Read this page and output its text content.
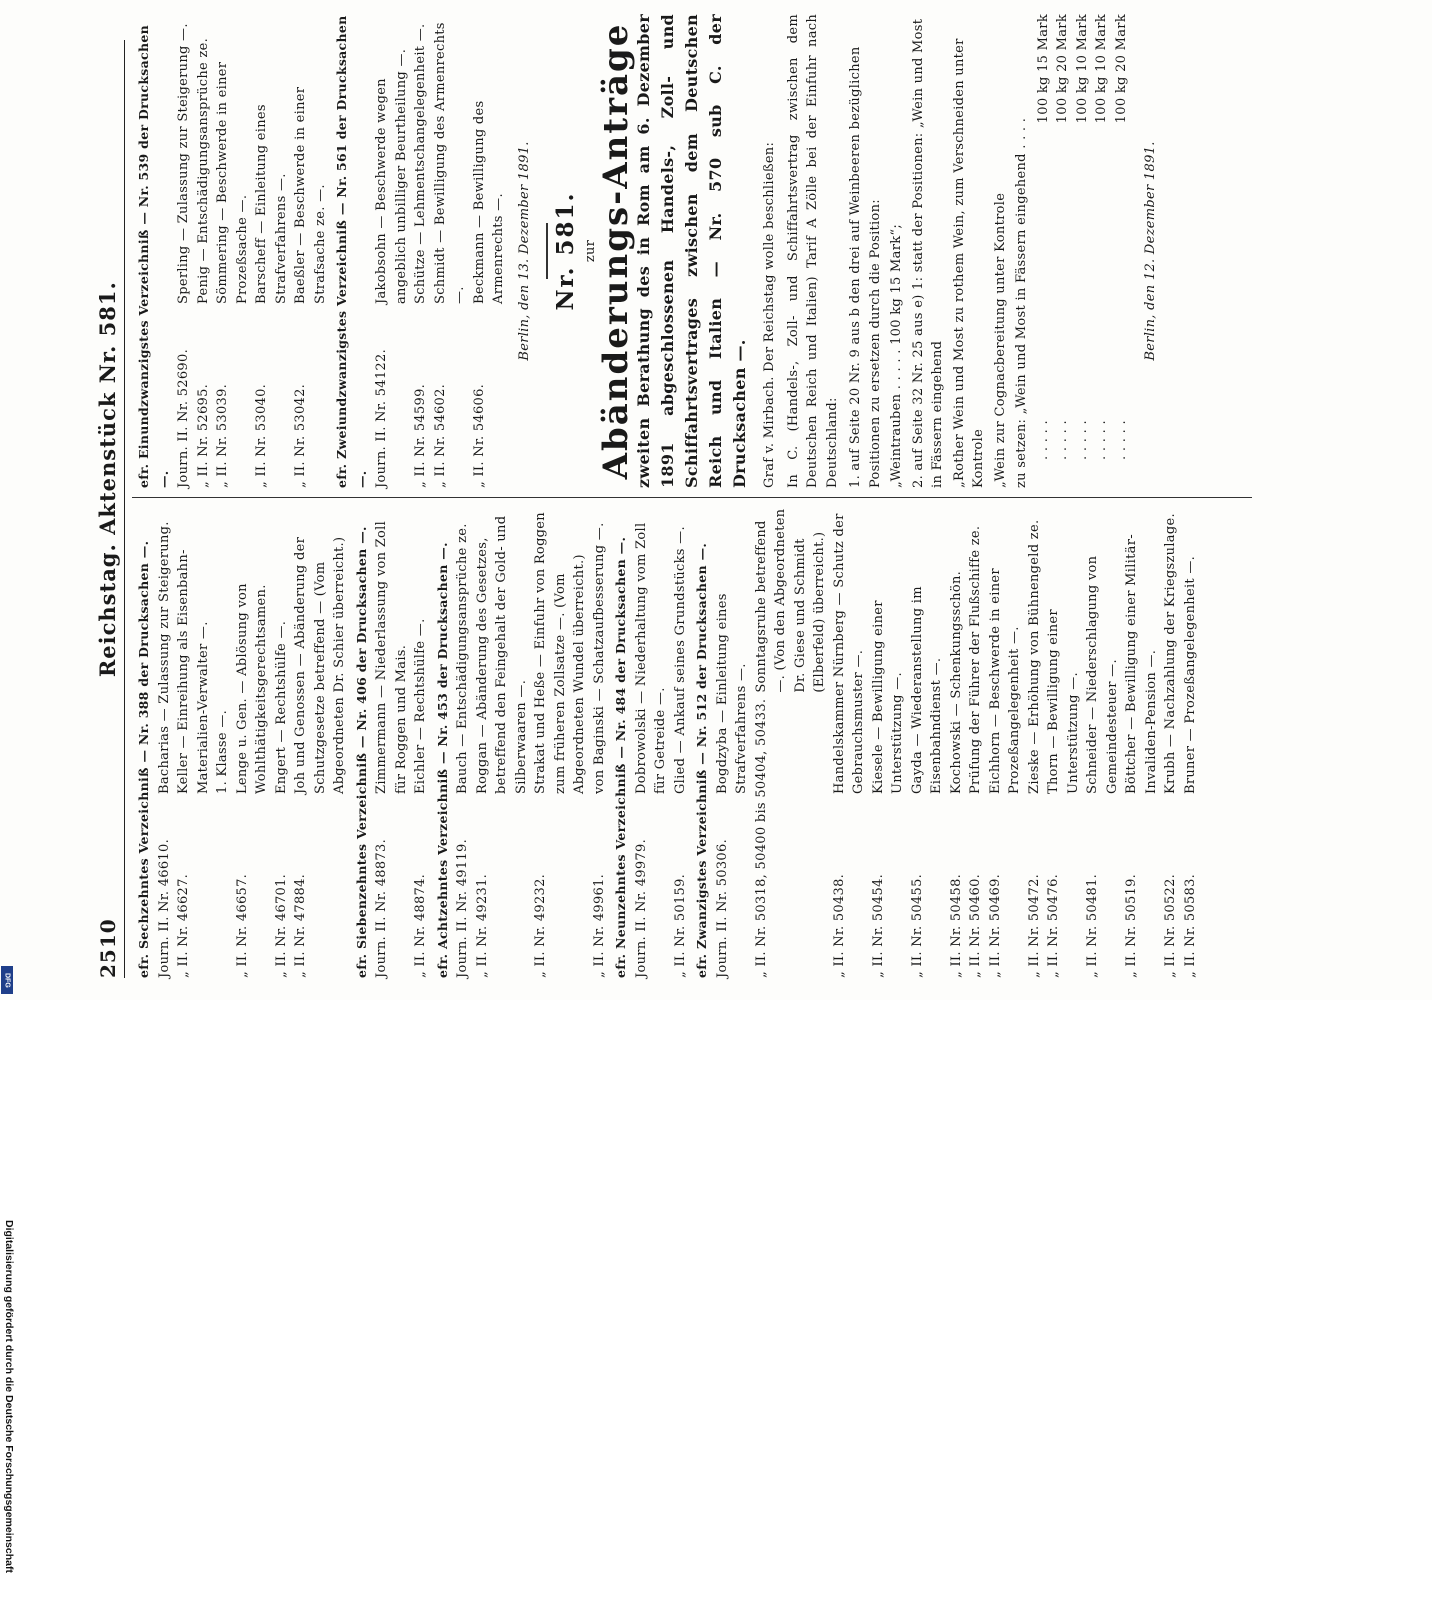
2510
Reichstag. Aktenstück Nr. 581.
efr. Sechzehntes Verzeichniß — Nr. 388 der Drucksachen —. Journ. II. Nr. 46610.
Bacharias — Zulassung zur Steigerung.
„ II. Nr. 46627.
Keller — Einreihung als Eisenbahn-Materialien-Verwalter —. 1. Klasse —.
„ II. Nr. 46657.
Lenge u. Gen. — Ablösung von Wohlthätigkeitsgerechtsamen.
„ II. Nr. 46701.
Engert — Rechtshülfe —.
„ II. Nr. 47884.
Joh und Genossen — Abänderung der Schutzgesetze betreffend — (Vom Abgeordneten Dr. Schier überreicht.) efr. Siebenzehntes Verzeichniß — Nr. 406 der Drucksachen —. Journ. II. Nr. 48873.
Zimmermann — Niederlassung von Zoll für Roggen und Mais.
„ II. Nr. 48874.
Eichler — Rechtshülfe —. efr. Achtzehntes Verzeichniß — Nr. 453 der Drucksachen —. Journ. II. Nr. 49119.
Bauch — Entschädigungsansprüche ze.
„ II. Nr. 49231.
Roggan — Abänderung des Gesetzes, betreffend den Feingehalt der Gold- und Silberwaaren —.
„ II. Nr. 49232.
Strakat und Heße — Einfuhr von Roggen zum früheren Zollsatze —. (Vom Abgeordneten Wundel überreicht.)
„ II. Nr. 49961.
von Baginski — Schatzaufbesserung —. efr. Neunzehntes Verzeichniß — Nr. 484 der Drucksachen —. Journ. II. Nr. 49979.
Dobrowolski — Niederhaltung vom Zoll für Getreide —.
„ II. Nr. 50159.
Glied — Ankauf seines Grundstücks —. efr. Zwanzigstes Verzeichniß — Nr. 512 der Drucksachen —. Journ. II. Nr. 50306.
Bogdzyba — Einleitung eines Strafverfahrens —. „ II. Nr. 50318, 50400 bis 50404, 50433.
Sonntagsruhe betreffend —. (Von den Abgeordneten Dr. Giese und Schmidt (Elberfeld) überreicht.)
„ II. Nr. 50438.
Handelskammer Nürnberg — Schutz der Gebrauchsmuster —.
„ II. Nr. 50454.
Kiesele — Bewilligung einer Unterstützung —.
„ II. Nr. 50455.
Gayda — Wiederanstellung im Eisenbahndienst —.
„ II. Nr. 50458.
Kochowski — Schenkungsschön.
„ II. Nr. 50460.
Prüfung der Führer der Flußschiffe ze.
„ II. Nr. 50469.
Eichhorn — Beschwerde in einer Prozeßangelegenheit —.
„ II. Nr. 50472.
Zieske — Erhöhung von Bühnengeld ze.
„ II. Nr. 50476.
Thorn — Bewilligung einer Unterstützung —.
„ II. Nr. 50481.
Schneider — Niederschlagung von Gemeindesteuer —.
„ II. Nr. 50519.
Böttcher — Bewilligung einer Militär-Invaliden-Pension —.
„ II. Nr. 50522.
Krubh — Nachzahlung der Kriegszulage.
„ II. Nr. 50583.
Bruner — Prozeßangelegenheit —.
efr. Einundzwanzigstes Verzeichniß — Nr. 539 der Drucksachen —. Journ. II. Nr. 52690.
Sperling — Zulassung zur Steigerung —.
„ II. Nr. 52695.
Penig — Entschädigungsansprüche ze.
„ II. Nr. 53039.
Sömmering — Beschwerde in einer Prozeßsache —.
„ II. Nr. 53040.
Barscheff — Einleitung eines Strafverfahrens —.
„ II. Nr. 53042.
Baeßler — Beschwerde in einer Strafsache ze. —. efr. Zweiundzwanzigstes Verzeichniß — Nr. 561 der Drucksachen —. Journ. II. Nr. 54122.
Jakobsohn — Beschwerde wegen angeblich unbilliger Beurtheilung —.
„ II. Nr. 54599.
Schütze — Lehmentschangelegenheit —.
„ II. Nr. 54602.
Schmidt — Bewilligung des Armenrechts —.
„ II. Nr. 54606.
Beckmann — Bewilligung des Armenrechts —. Berlin, den 13. Dezember 1891. Nr. 581. zur
Abänderungs-Anträge
zweiten Berathung des in Rom am 6. Dezember 1891 abgeschlossenen Handels-, Zoll- und Schiffahrtsvertrages zwischen dem Deutschen Reich und Italien — Nr. 570 sub C. der Drucksachen —. Graf v. Mirbach. Der Reichstag wolle beschließen: In C. (Handels-, Zoll- und Schiffahrtsvertrag zwischen dem Deutschen Reich und Italien) Tarif A Zölle bei der Einfuhr nach Deutschland: 1. auf Seite 20 Nr. 9 aus b den drei auf Weinbeeren bezüglichen Positionen zu ersetzen durch die Position: „Weintrauben . . . . . 100 kg 15 Mark“; 2. auf Seite 32 Nr. 25 aus e) 1: statt der Positionen: „Wein und Most in Fässern eingehend „Rother Wein und Most zu rothem Wein, zum Verschneiden unter Kontrole „Wein zur Cognacbereitung unter Kontrole zu setzen: „Wein und Most in Fässern eingehend . . . . . . . . .
100 kg 15 Mark
. . . . .
100 kg 20 Mark
. . . . .
100 kg 10 Mark
. . . . .
100 kg 10 Mark
. . . . .
100 kg 20 Mark
Berlin, den 12. Dezember 1891.
Digitalisierung gefördert durch die Deutsche Forschungsgemeinschaft
DFG
